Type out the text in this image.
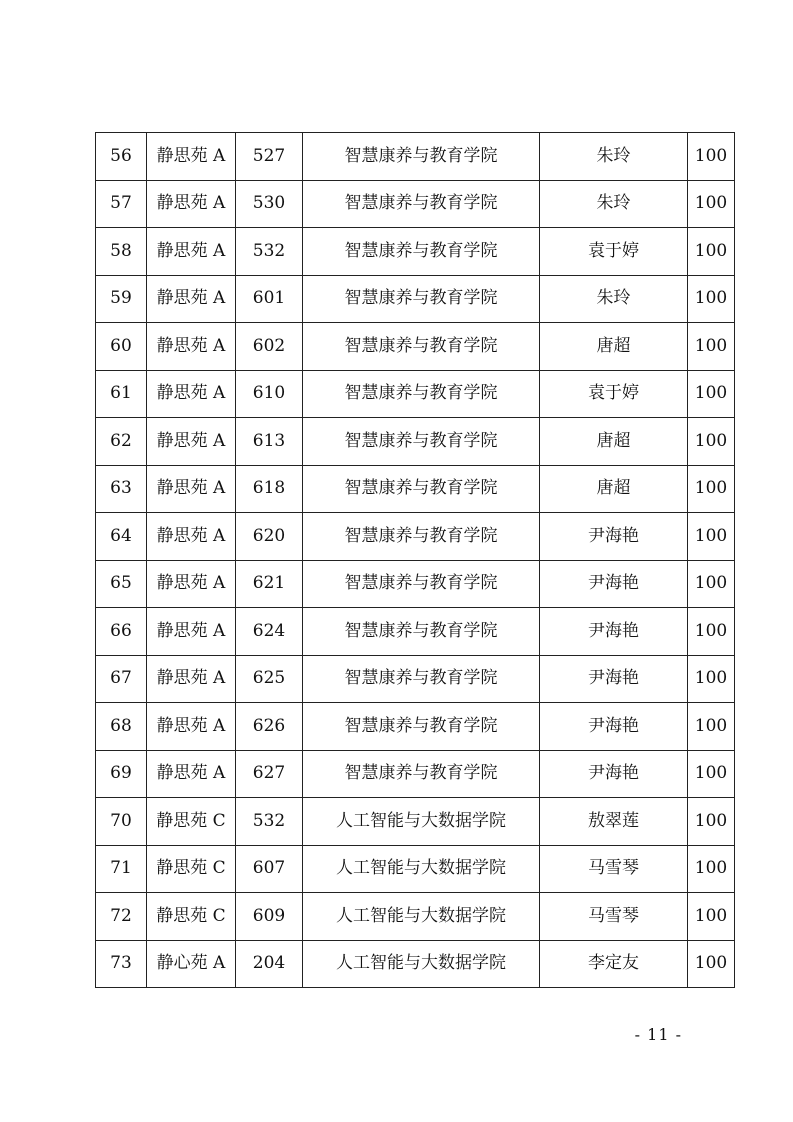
56	静思苑 A	527	智慧康养与教育学院	朱玲	100
57	静思苑 A	530	智慧康养与教育学院	朱玲	100
58	静思苑 A	532	智慧康养与教育学院	袁于婷	100
59	静思苑 A	601	智慧康养与教育学院	朱玲	100
60	静思苑 A	602	智慧康养与教育学院	唐超	100
61	静思苑 A	610	智慧康养与教育学院	袁于婷	100
62	静思苑 A	613	智慧康养与教育学院	唐超	100
63	静思苑 A	618	智慧康养与教育学院	唐超	100
64	静思苑 A	620	智慧康养与教育学院	尹海艳	100
65	静思苑 A	621	智慧康养与教育学院	尹海艳	100
66	静思苑 A	624	智慧康养与教育学院	尹海艳	100
67	静思苑 A	625	智慧康养与教育学院	尹海艳	100
68	静思苑 A	626	智慧康养与教育学院	尹海艳	100
69	静思苑 A	627	智慧康养与教育学院	尹海艳	100
70	静思苑 C	532	人工智能与大数据学院	敖翠莲	100
71	静思苑 C	607	人工智能与大数据学院	马雪琴	100
72	静思苑 C	609	人工智能与大数据学院	马雪琴	100
73	静心苑 A	204	人工智能与大数据学院	李定友	100
- 11 -
